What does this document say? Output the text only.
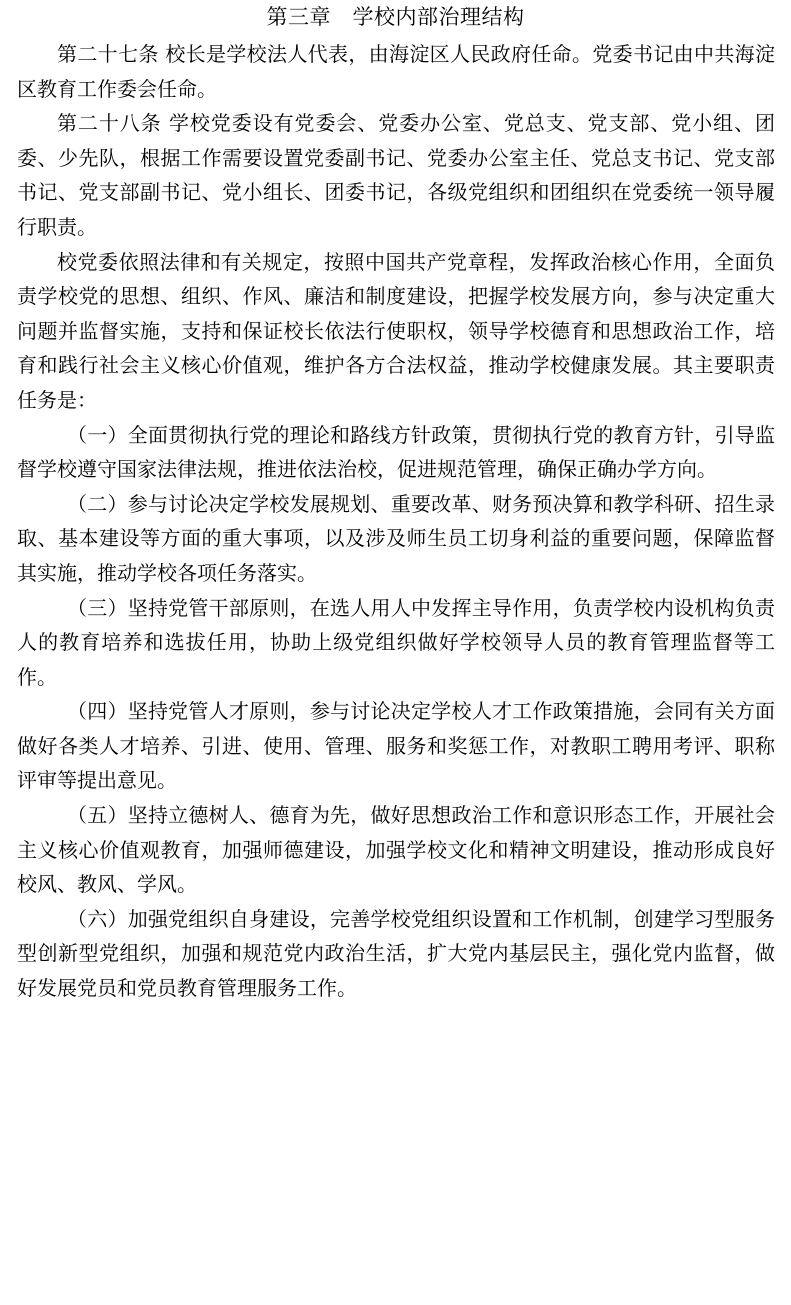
第三章　学校内部治理结构

第二十七条 校长是学校法人代表，由海淀区人民政府任命。党委书记由中共海淀区教育工作委会任命。

第二十八条 学校党委设有党委会、党委办公室、党总支、党支部、党小组、团委、少先队，根据工作需要设置党委副书记、党委办公室主任、党总支书记、党支部书记、党支部副书记、党小组长、团委书记，各级党组织和团组织在党委统一领导履行职责。

校党委依照法律和有关规定，按照中国共产党章程，发挥政治核心作用，全面负责学校党的思想、组织、作风、廉洁和制度建设，把握学校发展方向，参与决定重大问题并监督实施，支持和保证校长依法行使职权，领导学校德育和思想政治工作，培育和践行社会主义核心价值观，维护各方合法权益，推动学校健康发展。其主要职责任务是：

（一）全面贯彻执行党的理论和路线方针政策，贯彻执行党的教育方针，引导监督学校遵守国家法律法规，推进依法治校，促进规范管理，确保正确办学方向。

（二）参与讨论决定学校发展规划、重要改革、财务预决算和教学科研、招生录取、基本建设等方面的重大事项，以及涉及师生员工切身利益的重要问题，保障监督其实施，推动学校各项任务落实。

（三）坚持党管干部原则，在选人用人中发挥主导作用，负责学校内设机构负责人的教育培养和选拔任用，协助上级党组织做好学校领导人员的教育管理监督等工作。

（四）坚持党管人才原则，参与讨论决定学校人才工作政策措施，会同有关方面做好各类人才培养、引进、使用、管理、服务和奖惩工作，对教职工聘用考评、职称评审等提出意见。

（五）坚持立德树人、德育为先，做好思想政治工作和意识形态工作，开展社会主义核心价值观教育，加强师德建设，加强学校文化和精神文明建设，推动形成良好校风、教风、学风。

（六）加强党组织自身建设，完善学校党组织设置和工作机制，创建学习型服务型创新型党组织，加强和规范党内政治生活，扩大党内基层民主，强化党内监督，做好发展党员和党员教育管理服务工作。
